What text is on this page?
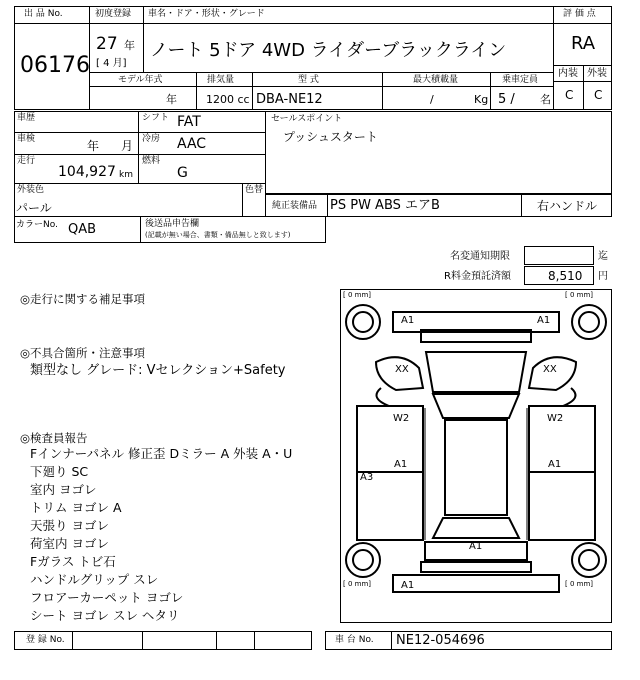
出 品 No.
06176
初度登録
27 年
[ 4 月]
車名・ドア・形状・グレード
ノート 5ドア 4WD ライダーブラックライン
評 価 点
RA
内装 外装
C C
モデル年式
年
排気量
1200 cc
型 式
DBA-NE12
最大積載量
/	Kg
乗車定員
5 / 名
車歴
車検	年 月
走行
104,927 km
シフト FAT
冷房 AAC
燃料
G
セールスポイント
プッシュスタート
外装色
パール
色替
純正装備品 PS PW ABS エアB	右ハンドル
カラーNo. QAB	後送品申告欄
(記載が無い場合、書類・備品無しと致します)
名変通知期限	迄
R料金預託済額	8,510 円
◎走行に関する補足事項
◎不具合箇所・注意事項
類型なし グレード: Vセレクション+Safety
◎検査員報告
Fインナーパネル 修正歪 Dミラー A 外装 A・U
下廻り SC
室内 ヨゴレ
トリム ヨゴレ A
天張り ヨゴレ
荷室内 ヨゴレ
Fガラス トビ石
ハンドルグリップ スレ
フロアーカーペット ヨゴレ
シート ヨゴレ スレ ヘタリ
[ 0 mm]	[ 0 mm]
[ 0 mm]	[ 0 mm]
A1	A1
XX	XX
W2	W2
A1	A1
A3
A1
A1
登 録 No.	車 台 No. NE12-054696
